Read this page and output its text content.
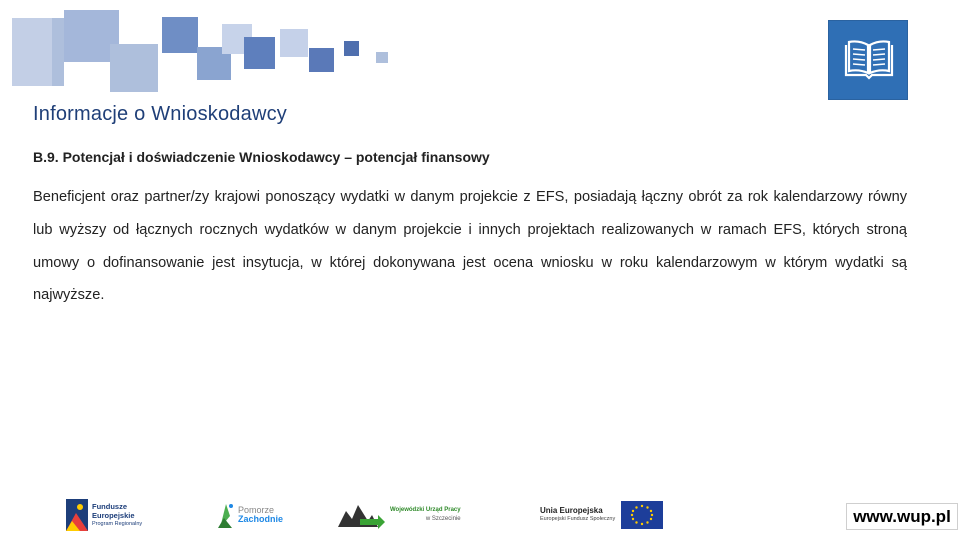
Informacje o Wnioskodawcy
B.9. Potencjał i doświadczenie Wnioskodawcy – potencjał finansowy

Beneficjent oraz partner/zy krajowi ponoszący wydatki w danym projekcie z EFS, posiadają łączny obrót za rok kalendarzowy równy lub wyższy od łącznych rocznych wydatków w danym projekcie i innych projektach realizowanych w ramach EFS, których stroną umowy o dofinansowanie jest insytucja, w której dokonywana jest ocena wniosku w roku kalendarzowym w którym wydatki są najwyższe.

Fundusze
Europejskie
Program Regionalny
Pomorze
Zachodnie
Wojewódzki Urząd Pracy
w Szczecinie
Unia Europejska
Europejski Fundusz Społeczny	www.wup.pl
